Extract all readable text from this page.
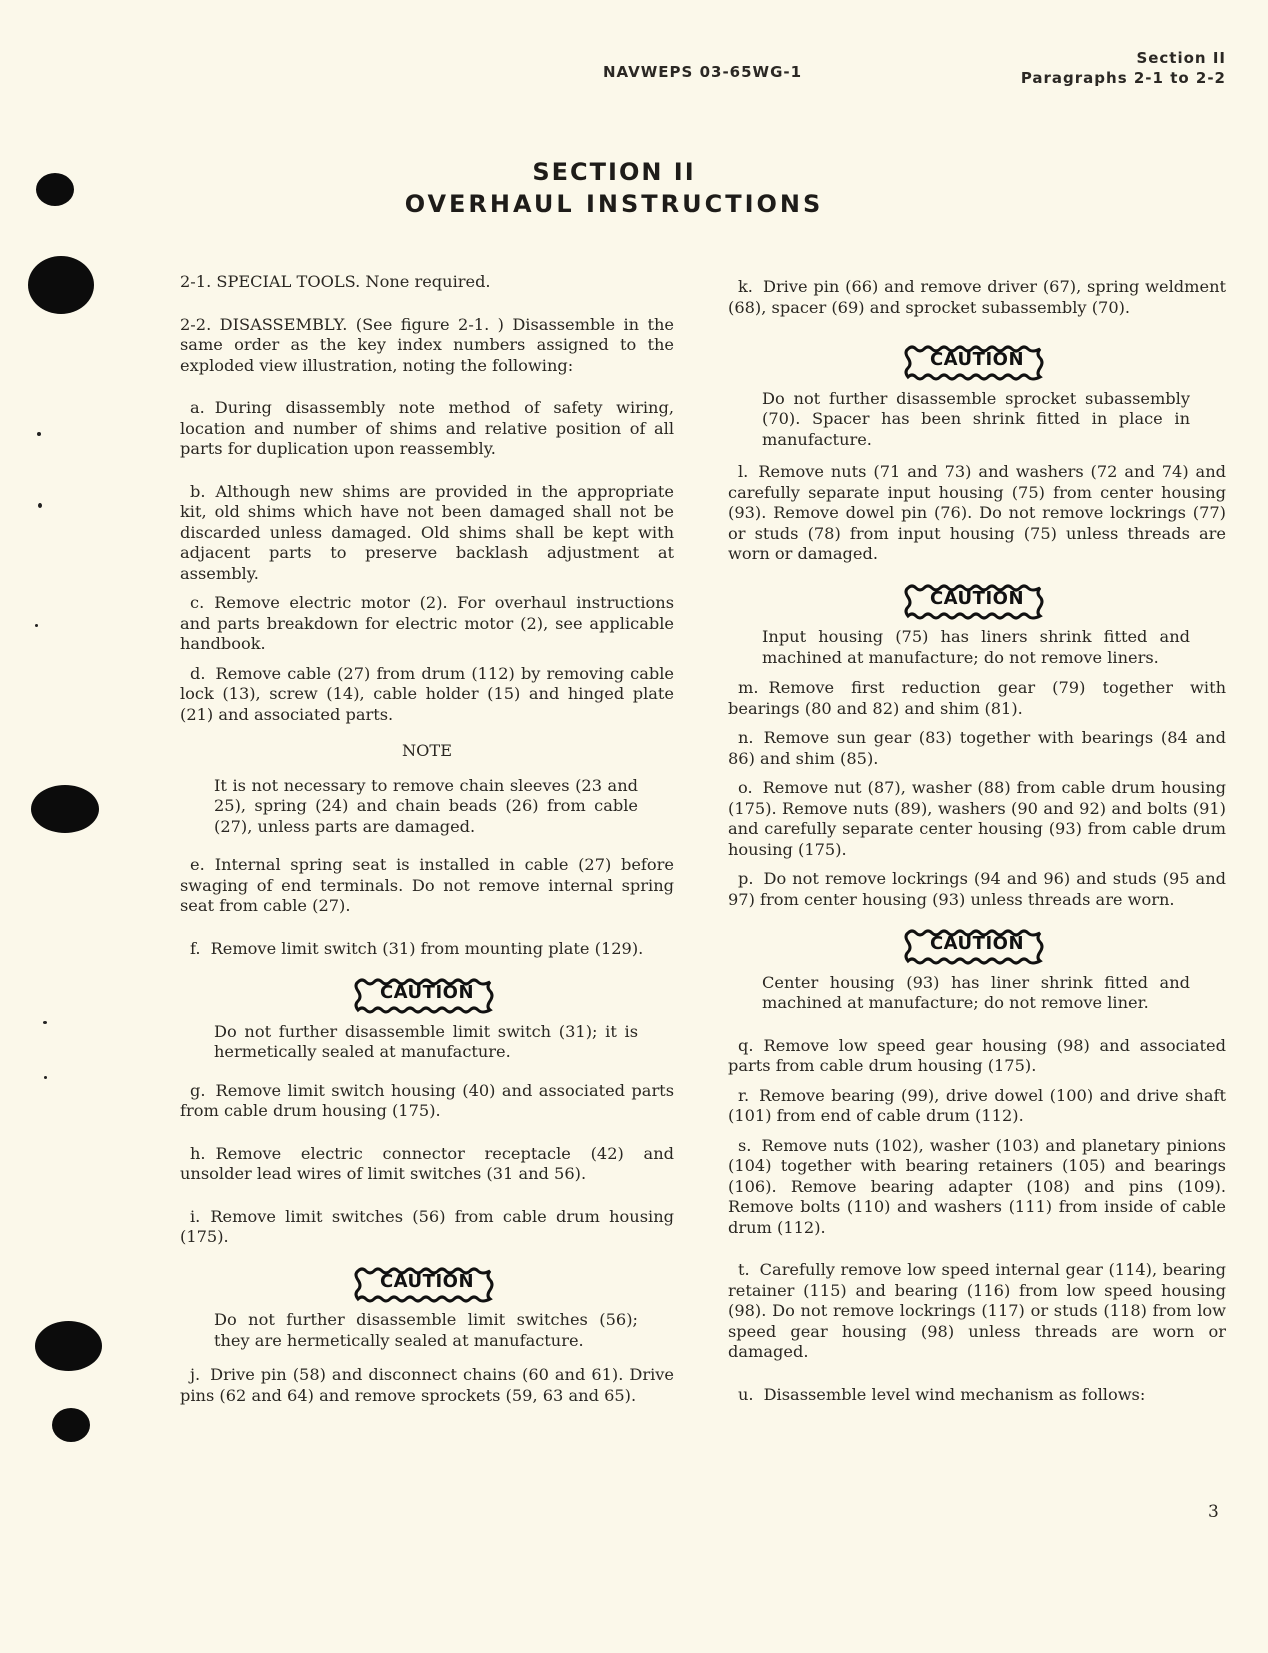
NAVWEPS 03-65WG-1
Section II
Paragraphs 2-1 to 2-2
SECTION II
OVERHAUL INSTRUCTIONS

2-1. SPECIAL TOOLS. None required.

2-2. DISASSEMBLY. (See figure 2-1. ) Disassemble in the same order as the key index numbers assigned to the exploded view illustration, noting the following:

a. During disassembly note method of safety wiring, location and number of shims and relative position of all parts for duplication upon reassembly.

b. Although new shims are provided in the appropriate kit, old shims which have not been damaged shall not be discarded unless damaged. Old shims shall be kept with adjacent parts to preserve backlash adjustment at assembly.

c. Remove electric motor (2). For overhaul instructions and parts breakdown for electric motor (2), see applicable handbook.

d. Remove cable (27) from drum (112) by removing cable lock (13), screw (14), cable holder (15) and hinged plate (21) and associated parts.

NOTE

It is not necessary to remove chain sleeves (23 and 25), spring (24) and chain beads (26) from cable (27), unless parts are damaged.

e. Internal spring seat is installed in cable (27) before swaging of end terminals. Do not remove internal spring seat from cable (27).

f. Remove limit switch (31) from mounting plate (129).

CAUTION

Do not further disassemble limit switch (31); it is hermetically sealed at manufacture.

g. Remove limit switch housing (40) and associated parts from cable drum housing (175).

h. Remove electric connector receptacle (42) and unsolder lead wires of limit switches (31 and 56).

i. Remove limit switches (56) from cable drum housing (175).

CAUTION

Do not further disassemble limit switches (56); they are hermetically sealed at manufacture.

j. Drive pin (58) and disconnect chains (60 and 61). Drive pins (62 and 64) and remove sprockets (59, 63 and 65).

k. Drive pin (66) and remove driver (67), spring weldment (68), spacer (69) and sprocket subassembly (70).

CAUTION

Do not further disassemble sprocket subassembly (70). Spacer has been shrink fitted in place in manufacture.

l. Remove nuts (71 and 73) and washers (72 and 74) and carefully separate input housing (75) from center housing (93). Remove dowel pin (76). Do not remove lockrings (77) or studs (78) from input housing (75) unless threads are worn or damaged.

CAUTION

Input housing (75) has liners shrink fitted and machined at manufacture; do not remove liners.

m. Remove first reduction gear (79) together with bearings (80 and 82) and shim (81).

n. Remove sun gear (83) together with bearings (84 and 86) and shim (85).

o. Remove nut (87), washer (88) from cable drum housing (175). Remove nuts (89), washers (90 and 92) and bolts (91) and carefully separate center housing (93) from cable drum housing (175).

p. Do not remove lockrings (94 and 96) and studs (95 and 97) from center housing (93) unless threads are worn.

CAUTION

Center housing (93) has liner shrink fitted and machined at manufacture; do not remove liner.

q. Remove low speed gear housing (98) and associated parts from cable drum housing (175).

r. Remove bearing (99), drive dowel (100) and drive shaft (101) from end of cable drum (112).

s. Remove nuts (102), washer (103) and planetary pinions (104) together with bearing retainers (105) and bearings (106). Remove bearing adapter (108) and pins (109). Remove bolts (110) and washers (111) from inside of cable drum (112).

t. Carefully remove low speed internal gear (114), bearing retainer (115) and bearing (116) from low speed housing (98). Do not remove lockrings (117) or studs (118) from low speed gear housing (98) unless threads are worn or damaged.

u. Disassemble level wind mechanism as follows:

3
